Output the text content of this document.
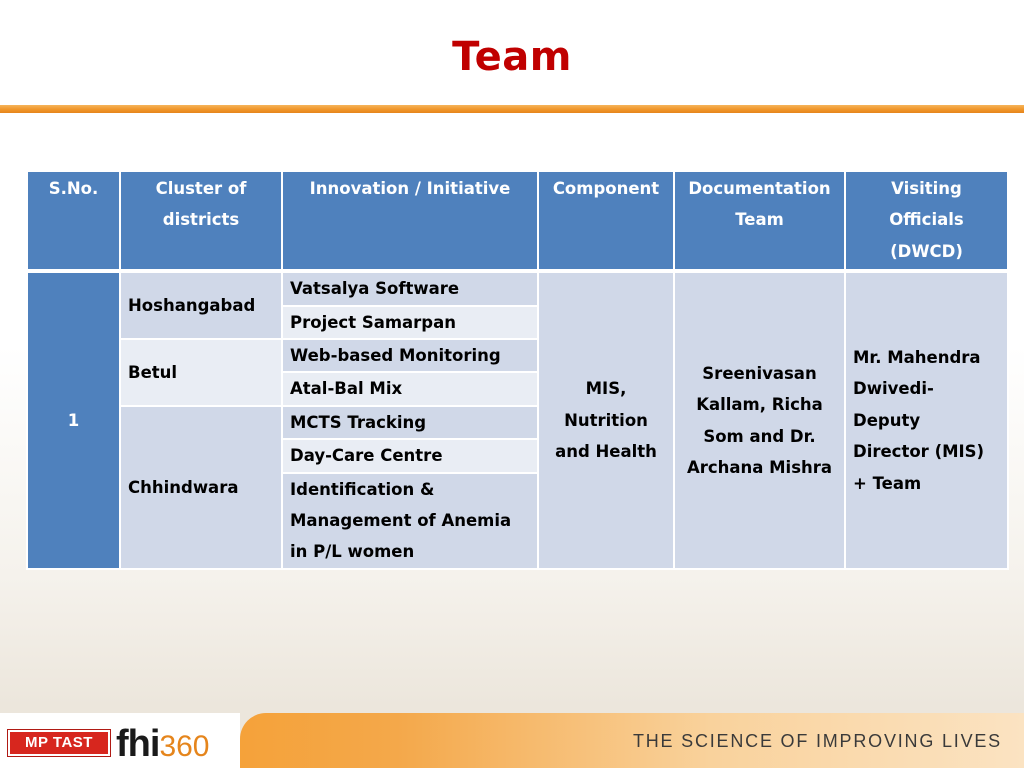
Team
S.No.	Cluster of districts	Innovation / Initiative	Component	Documentation Team	Visiting Officials (DWCD)
1	Hoshangabad	Vatsalya Software	MIS, Nutrition and Health	Sreenivasan Kallam, Richa Som and Dr. Archana Mishra	Mr. Mahendra Dwivedi- Deputy Director (MIS) + Team
		Project Samarpan			
	Betul	Web-based Monitoring			
		Atal-Bal Mix			
	Chhindwara	MCTS Tracking			
		Day-Care Centre			
		Identification & Management of Anemia in P/L women			

MP TAST fhi360	THE SCIENCE OF IMPROVING LIVES
